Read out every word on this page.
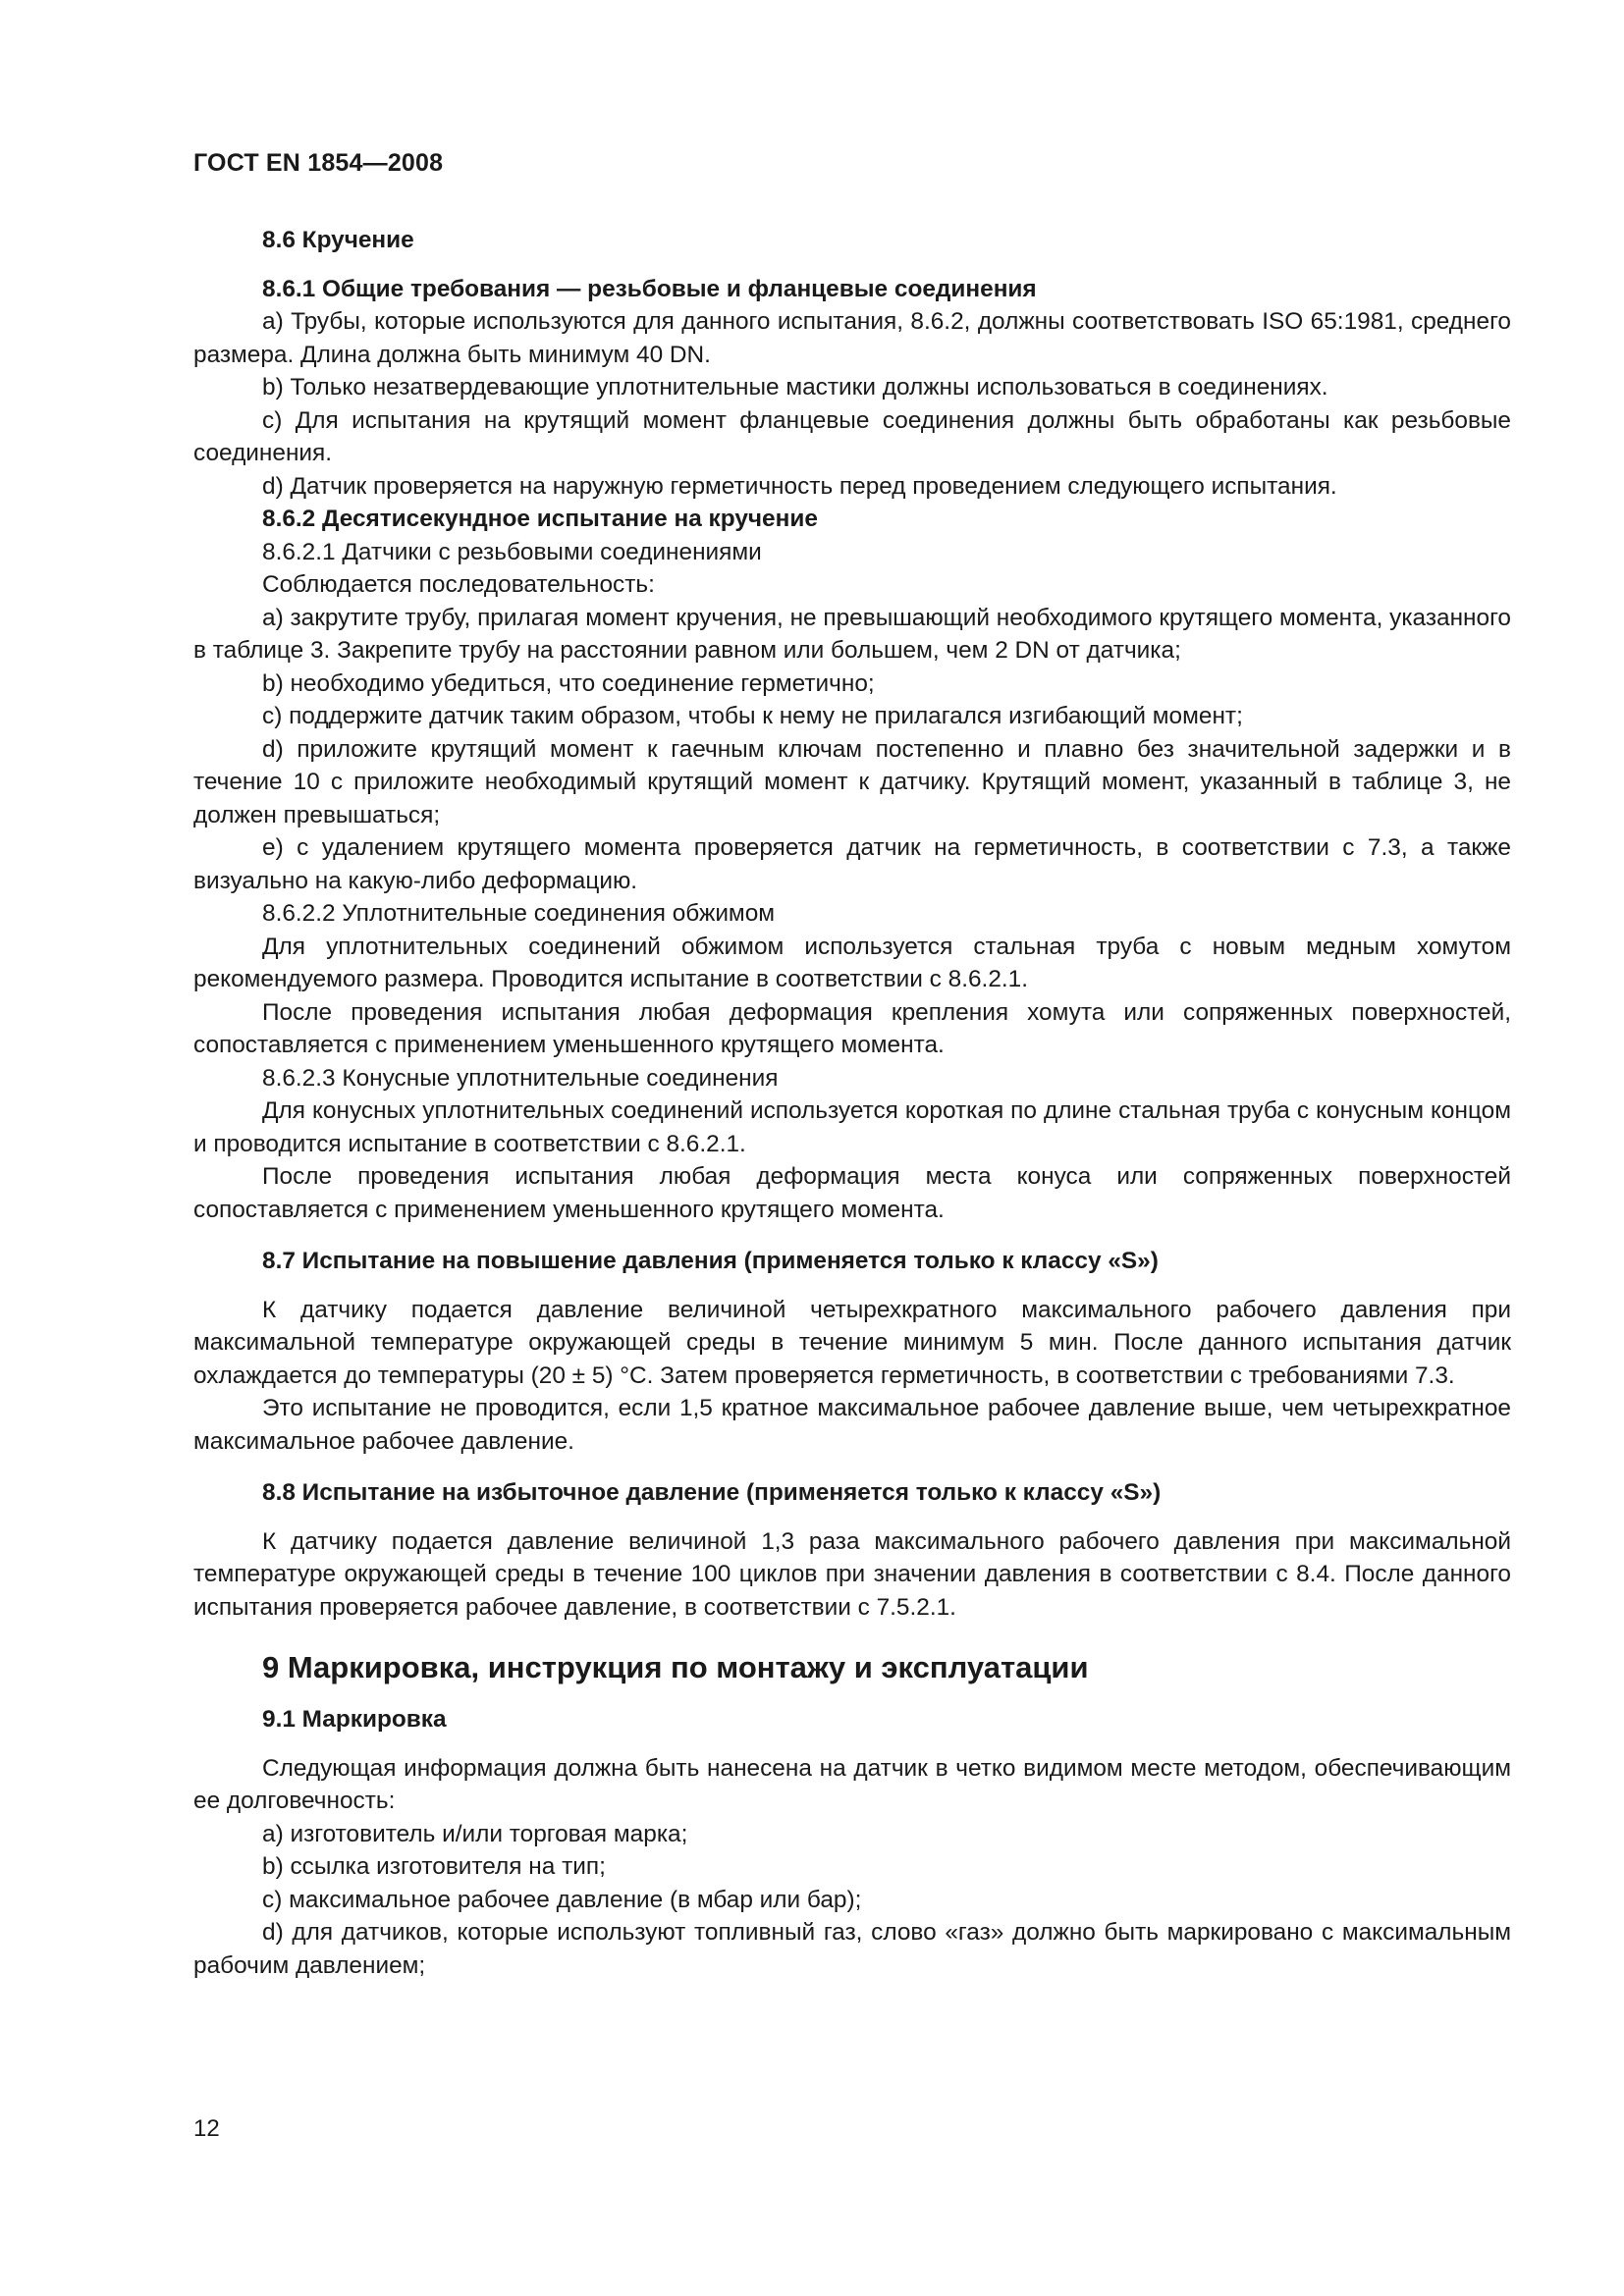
ГОСТ EN 1854—2008

8.6 Кручение

8.6.1 Общие требования — резьбовые и фланцевые соединения

a) Трубы, которые используются для данного испытания, 8.6.2, должны соответствовать ISO 65:1981, среднего размера. Длина должна быть минимум 40 DN.

b) Только незатвердевающие уплотнительные мастики должны использоваться в соединениях.

c) Для испытания на крутящий момент фланцевые соединения должны быть обработаны как резьбовые соединения.

d) Датчик проверяется на наружную герметичность перед проведением следующего испытания.

8.6.2 Десятисекундное испытание на кручение

8.6.2.1 Датчики с резьбовыми соединениями

Соблюдается последовательность:

a) закрутите трубу, прилагая момент кручения, не превышающий необходимого крутящего момента, указанного в таблице 3. Закрепите трубу на расстоянии равном или большем, чем 2 DN от датчика;

b) необходимо убедиться, что соединение герметично;

c) поддержите датчик таким образом, чтобы к нему не прилагался изгибающий момент;

d) приложите крутящий момент к гаечным ключам постепенно и плавно без значительной задержки и в течение 10 с приложите необходимый крутящий момент к датчику. Крутящий момент, указанный в таблице 3, не должен превышаться;

e) с удалением крутящего момента проверяется датчик на герметичность, в соответствии с 7.3, а также визуально на какую-либо деформацию.

8.6.2.2 Уплотнительные соединения обжимом

Для уплотнительных соединений обжимом используется стальная труба с новым медным хомутом рекомендуемого размера. Проводится испытание в соответствии с 8.6.2.1.

После проведения испытания любая деформация крепления хомута или сопряженных поверхностей, сопоставляется с применением уменьшенного крутящего момента.

8.6.2.3 Конусные уплотнительные соединения

Для конусных уплотнительных соединений используется короткая по длине стальная труба с конусным концом и проводится испытание в соответствии с 8.6.2.1.

После проведения испытания любая деформация места конуса или сопряженных поверхностей сопоставляется с применением уменьшенного крутящего момента.

8.7 Испытание на повышение давления (применяется только к классу «S»)

К датчику подается давление величиной четырехкратного максимального рабочего давления при максимальной температуре окружающей среды в течение минимум 5 мин. После данного испытания датчик охлаждается до температуры (20 ± 5) °C. Затем проверяется герметичность, в соответствии с требованиями 7.3.

Это испытание не проводится, если 1,5 кратное максимальное рабочее давление выше, чем четырехкратное максимальное рабочее давление.

8.8 Испытание на избыточное давление (применяется только к классу «S»)

К датчику подается давление величиной 1,3 раза максимального рабочего давления при максимальной температуре окружающей среды в течение 100 циклов при значении давления в соответствии с 8.4. После данного испытания проверяется рабочее давление, в соответствии с 7.5.2.1.

9 Маркировка, инструкция по монтажу и эксплуатации

9.1 Маркировка

Следующая информация должна быть нанесена на датчик в четко видимом месте методом, обеспечивающим ее долговечность:

a) изготовитель и/или торговая марка;

b) ссылка изготовителя на тип;

c) максимальное рабочее давление (в мбар или бар);

d) для датчиков, которые используют топливный газ, слово «газ» должно быть маркировано с максимальным рабочим давлением;

12
